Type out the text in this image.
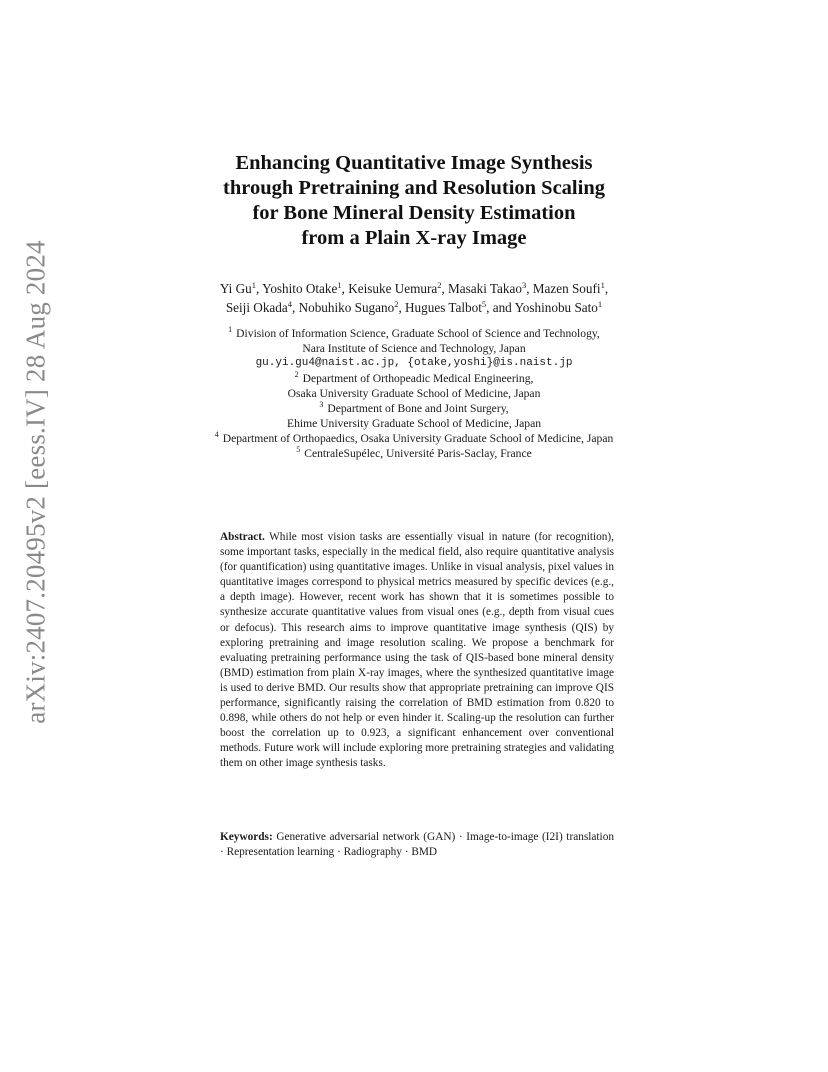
arXiv:2407.20495v2 [eess.IV] 28 Aug 2024
Enhancing Quantitative Image Synthesis
through Pretraining and Resolution Scaling
for Bone Mineral Density Estimation
from a Plain X-ray Image
Yi Gu$^1$, Yoshito Otake$^1$, Keisuke Uemura$^2$, Masaki Takao$^3$, Mazen Soufi$^1$,
Seiji Okada$^4$, Nobuhiko Sugano$^2$, Hugues Talbot$^5$, and Yoshinobu Sato$^1$
$^1$ Division of Information Science, Graduate School of Science and Technology,
Nara Institute of Science and Technology, Japan
gu.yi.gu4@naist.ac.jp, {otake,yoshi}@is.naist.jp
$^2$ Department of Orthopeadic Medical Engineering,
Osaka University Graduate School of Medicine, Japan
$^3$ Department of Bone and Joint Surgery,
Ehime University Graduate School of Medicine, Japan
$^4$ Department of Orthopaedics, Osaka University Graduate School of Medicine, Japan
$^5$ CentraleSupélec, Université Paris-Saclay, France
Abstract. While most vision tasks are essentially visual in nature (for recognition), some important tasks, especially in the medical field, also require quantitative analysis (for quantification) using quantitative images. Unlike in visual analysis, pixel values in quantitative images correspond to physical metrics measured by specific devices (e.g., a depth image). However, recent work has shown that it is sometimes possible to synthesize accurate quantitative values from visual ones (e.g., depth from visual cues or defocus). This research aims to improve quantitative image synthesis (QIS) by exploring pretraining and image resolution scaling. We propose a benchmark for evaluating pretraining performance using the task of QIS-based bone mineral density (BMD) estimation from plain X-ray images, where the synthesized quantitative image is used to derive BMD. Our results show that appropriate pretraining can improve QIS performance, significantly raising the correlation of BMD estimation from 0.820 to 0.898, while others do not help or even hinder it. Scaling-up the resolution can further boost the correlation up to 0.923, a significant enhancement over conventional methods. Future work will include exploring more pretraining strategies and validating them on other image synthesis tasks.
Keywords: Generative adversarial network (GAN) · Image-to-image (I2I) translation · Representation learning · Radiography · BMD
